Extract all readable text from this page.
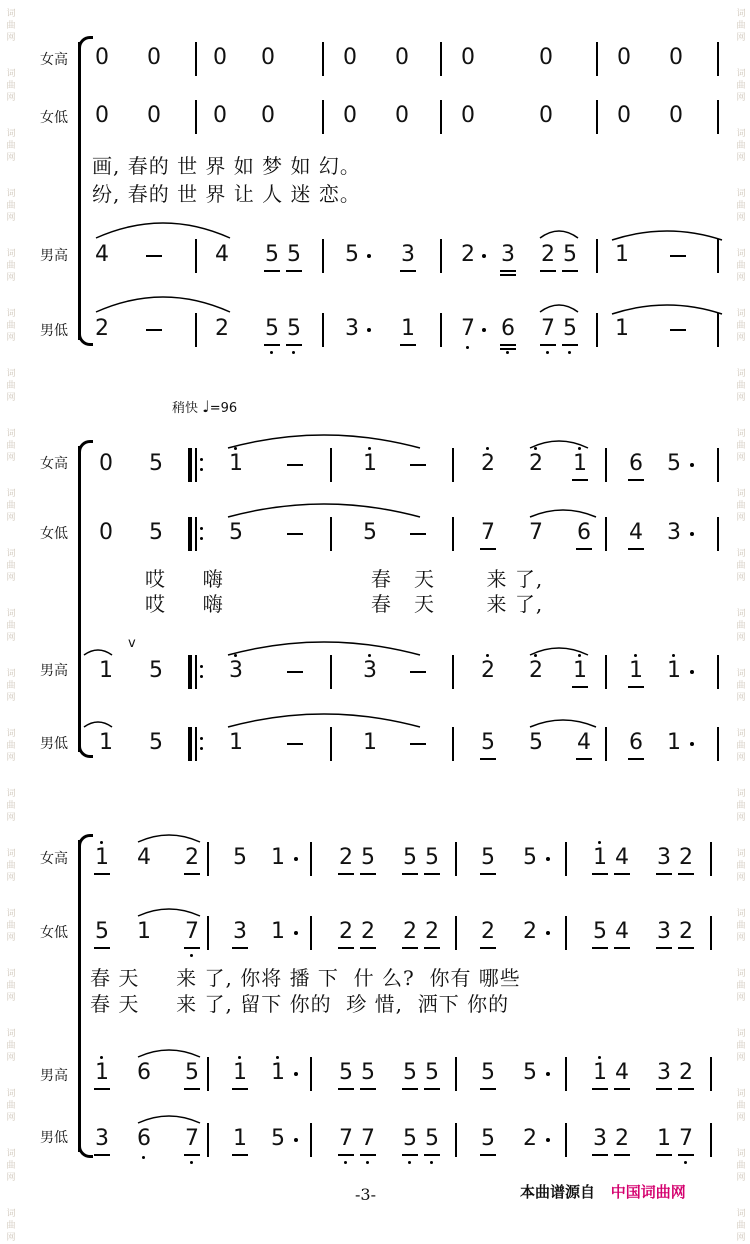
词
曲
网
词
曲
网
词
曲
网
词
曲
网
词
曲
网
词
曲
网
词
曲
网
词
曲
网
词
曲
网
词
曲
网
词
曲
网
词
曲
网
词
曲
网
词
曲
网
词
曲
网
词
曲
网
词
曲
网
词
曲
网
词
曲
网
词
曲
网
词
曲
网
词
曲
网
词
曲
网
词
曲
网
词
曲
网
词
曲
网
词
曲
网
词
曲
网
词
曲
网
词
曲
网
词
曲
网
词
曲
网
词
曲
网
词
曲
网
词
曲
网
词
曲
网
词
曲
网
词
曲
网
词
曲
网
词
曲
网
词
曲
网
词
曲
网
女高
女低
男高
男低
画, 春的 世 界 如 梦 如 幻。
纷, 春的 世 界 让 人 迷 恋。
稍快 ♩=96
女高
女低
男高
男低
哎     嗨                    春   天       来 了,
哎     嗨                    春   天       来 了,
v
女高
女低
男高
男低
春 天     来 了, 你将 播 下  什 么?  你有 哪些
春 天     来 了, 留下 你的  珍 惜,  洒下 你的
0 0 0 0	0 0 0	0	0 0
0 0 0 0	0 0 0	0	0 0
4	4 5 5 5 3 2 3 2 5 1
2	2 5 5 3 1 7 6 7 5 1
0 5	1	1	2 2 1 6 5
0 5	5	5	7 7 6 4 3
1 5	3	3	2 2 1 1 1
1 5	1	1	5 5 4 6 1
1 4 2 5 1 2 5 5 5 5 5	1 4 3 2
5 1 7 3 1 2 2 2 2 2 2	5 4 3 2
1 6 5 1 1 5 5 5 5 5 5	1 4 3 2
3 6 7 1 5 7 7 5 5 5 2	3 2 1 7
-3-	本曲谱源自 中国词曲网
